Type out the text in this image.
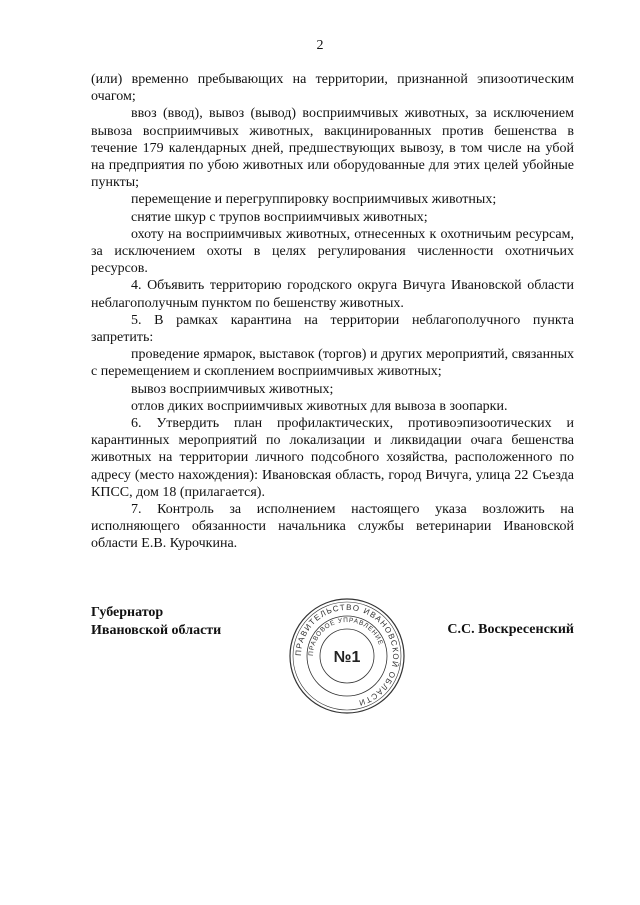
2

(или) временно пребывающих на территории, признанной эпизоотическим очагом;

ввоз (ввод), вывоз (вывод) восприимчивых животных, за исключением вывоза восприимчивых животных, вакцинированных против бешенства в течение 179 календарных дней, предшествующих вывозу, в том числе на убой на предприятия по убою животных или оборудованные для этих целей убойные пункты;

перемещение и перегруппировку восприимчивых животных;

снятие шкур с трупов восприимчивых животных;

охоту на восприимчивых животных, отнесенных к охотничьим ресурсам, за исключением охоты в целях регулирования численности охотничьих ресурсов.

4. Объявить территорию городского округа Вичуга Ивановской области неблагополучным пунктом по бешенству животных.

5. В рамках карантина на территории неблагополучного пункта запретить:

проведение ярмарок, выставок (торгов) и других мероприятий, связанных с перемещением и скоплением восприимчивых животных;

вывоз восприимчивых животных;

отлов диких восприимчивых животных для вывоза в зоопарки.

6. Утвердить план профилактических, противоэпизоотических и карантинных мероприятий по локализации и ликвидации очага бешенства животных на территории личного подсобного хозяйства, расположенного по адресу (место нахождения): Ивановская область, город Вичуга, улица 22 Съезда КПСС, дом 18 (прилагается).

7. Контроль за исполнением настоящего указа возложить на исполняющего обязанности начальника службы ветеринарии Ивановской области Е.В. Курочкина.

Губернатор
Ивановской области
ПРАВИТЕЛЬСТВО ИВАНОВСКОЙ ОБЛАСТИ
ПРАВОВОЕ УПРАВЛЕНИЕ
№1
С.С. Воскресенский
